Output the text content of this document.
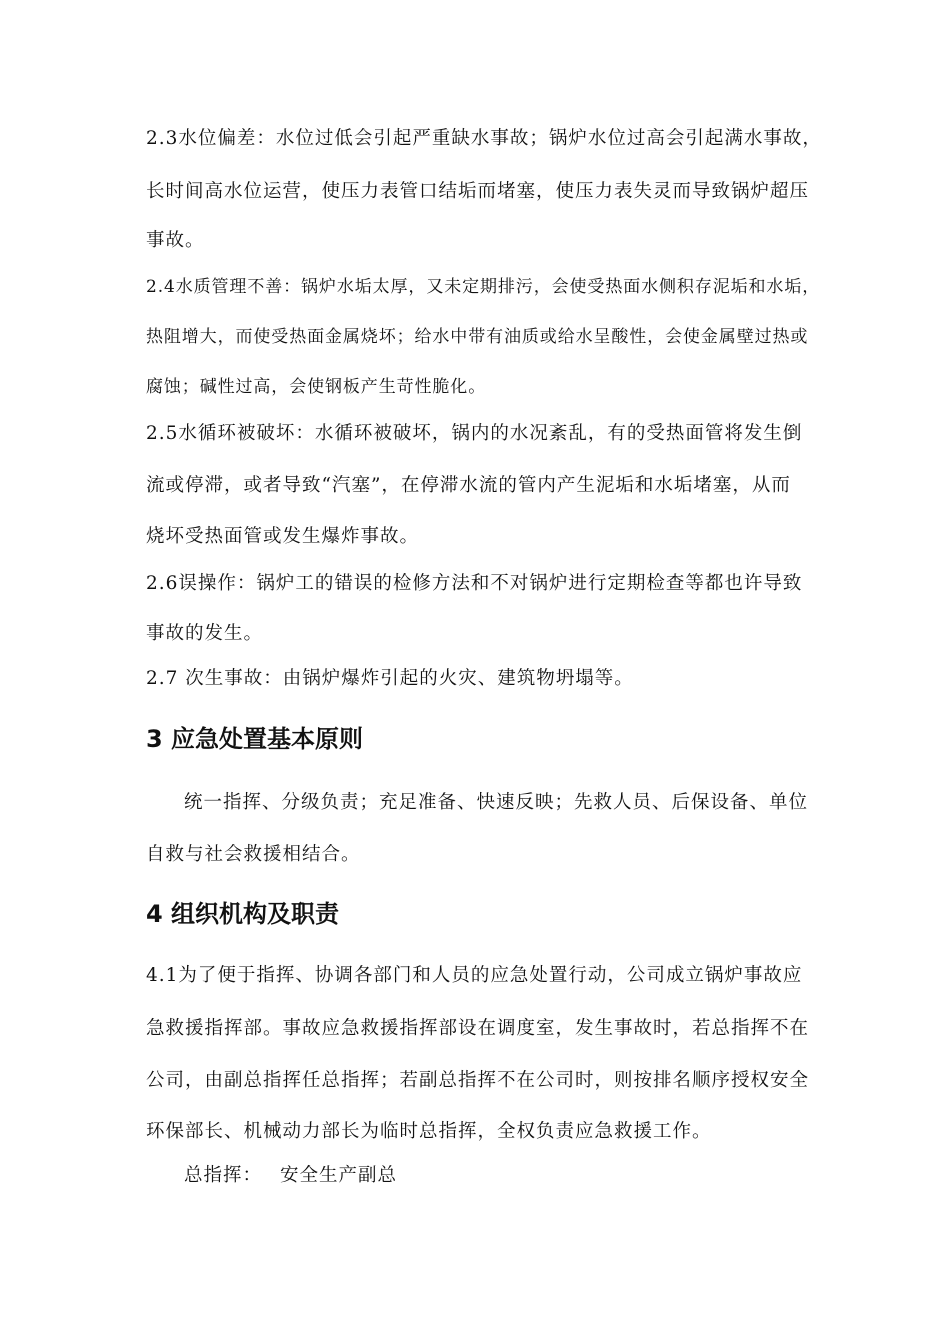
2.3水位偏差：水位过低会引起严重缺水事故；锅炉水位过高会引起满水事故，
长时间高水位运营，使压力表管口结垢而堵塞，使压力表失灵而导致锅炉超压
事故。
2.4水质管理不善：锅炉水垢太厚，又未定期排污，会使受热面水侧积存泥垢和水垢，
热阻增大，而使受热面金属烧坏；给水中带有油质或给水呈酸性，会使金属壁过热或
腐蚀；碱性过高，会使钢板产生苛性脆化。
2.5水循环被破坏：水循环被破坏，锅内的水况紊乱，有的受热面管将发生倒
流或停滞，或者导致“汽塞”，在停滞水流的管内产生泥垢和水垢堵塞，从而
烧坏受热面管或发生爆炸事故。
2.6误操作：锅炉工的错误的检修方法和不对锅炉进行定期检查等都也许导致
事故的发生。
2.7 次生事故：由锅炉爆炸引起的火灾、建筑物坍塌等。
3 应急处置基本原则
统一指挥、分级负责；充足准备、快速反映；先救人员、后保设备、单位
自救与社会救援相结合。
4 组织机构及职责
4.1为了便于指挥、协调各部门和人员的应急处置行动，公司成立锅炉事故应
急救援指挥部。事故应急救援指挥部设在调度室，发生事故时，若总指挥不在
公司，由副总指挥任总指挥；若副总指挥不在公司时，则按排名顺序授权安全
环保部长、机械动力部长为临时总指挥，全权负责应急救援工作。
总指挥： 安全生产副总
